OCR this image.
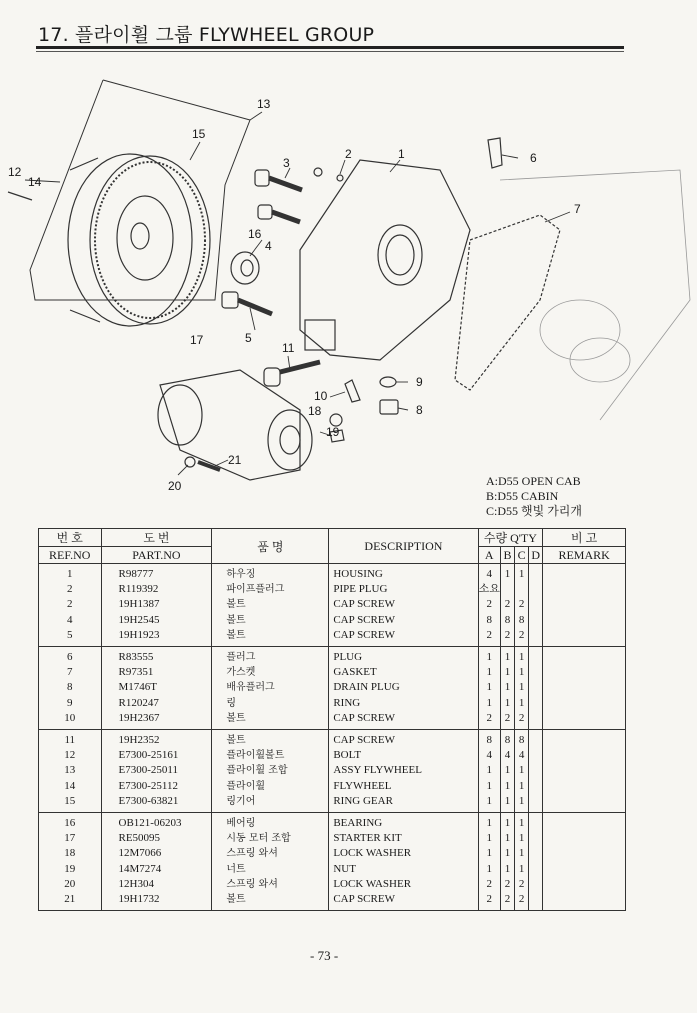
17. 플라이휠 그룹 FLYWHEEL GROUP
1
2
3
4
5
6
7
8
9
10
11
12
13
14
15
16
17
18
19
20
21
A:D55 OPEN CAB
B:D55 CABIN
C:D55 햇빛 가리개
번 호	도 번	품 명	DESCRIPTION	수량 Q'TY				비 고
REF.NO	PART.NO			A	B	C	D	REMARK
1	R98777	하우징	HOUSING	4	1	1		
2	R119392	파이프플러그	PIPE PLUG	소요				
2	19H1387	볼트	CAP SCREW	2	2	2		
4	19H2545	볼트	CAP SCREW	8	8	8		
5	19H1923	볼트	CAP SCREW	2	2	2		
6	R83555	플러그	PLUG	1	1	1		
7	R97351	가스켓	GASKET	1	1	1		
8	M1746T	배유플러그	DRAIN PLUG	1	1	1		
9	R120247	링	RING	1	1	1		
10	19H2367	볼트	CAP SCREW	2	2	2		
11	19H2352	볼트	CAP SCREW	8	8	8		
12	E7300-25161	플라이휠볼트	BOLT	4	4	4		
13	E7300-25011	플라이휠 조합	ASSY FLYWHEEL	1	1	1		
14	E7300-25112	플라이휠	FLYWHEEL	1	1	1		
15	E7300-63821	링기어	RING GEAR	1	1	1		
16	OB121-06203	베어링	BEARING	1	1	1		
17	RE50095	시동 모터 조합	STARTER KIT	1	1	1		
18	12M7066	스프링 와셔	LOCK WASHER	1	1	1		
19	14M7274	너트	NUT	1	1	1		
20	12H304	스프링 와셔	LOCK WASHER	2	2	2		
21	19H1732	볼트	CAP SCREW	2	2	2		
- 73 -
